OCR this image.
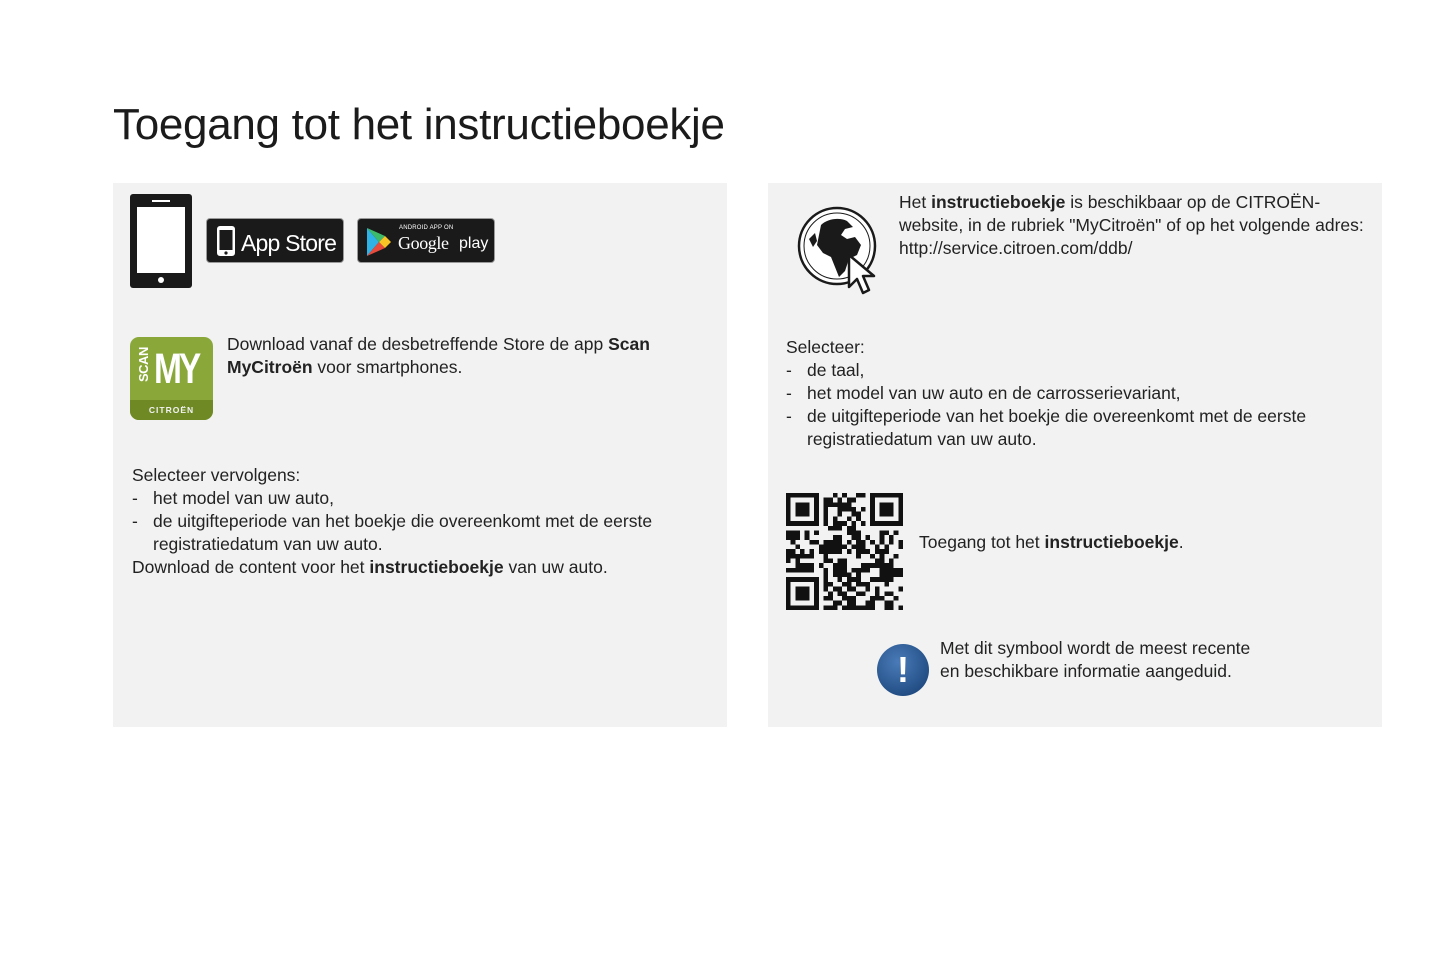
Toegang tot het instructieboekje
App Store
ANDROID APP ON
Google play
SCAN MY
CITROËN
Download vanaf de desbetreffende Store de app Scan
MyCitroën voor smartphones.
Selecteer vervolgens:
- het model van uw auto,
- de uitgifteperiode van het boekje die overeenkomt met de eerste
registratiedatum van uw auto.
Download de content voor het instructieboekje van uw auto.
Het instructieboekje is beschikbaar op de CITROËN-
website, in de rubriek "MyCitroën" of op het volgende adres:
http://service.citroen.com/ddb/
Selecteer:
- de taal,
- het model van uw auto en de carrosserievariant,
- de uitgifteperiode van het boekje die overeenkomt met de eerste
registratiedatum van uw auto.
Toegang tot het instructieboekje.
!
Met dit symbool wordt de meest recente
en beschikbare informatie aangeduid.
